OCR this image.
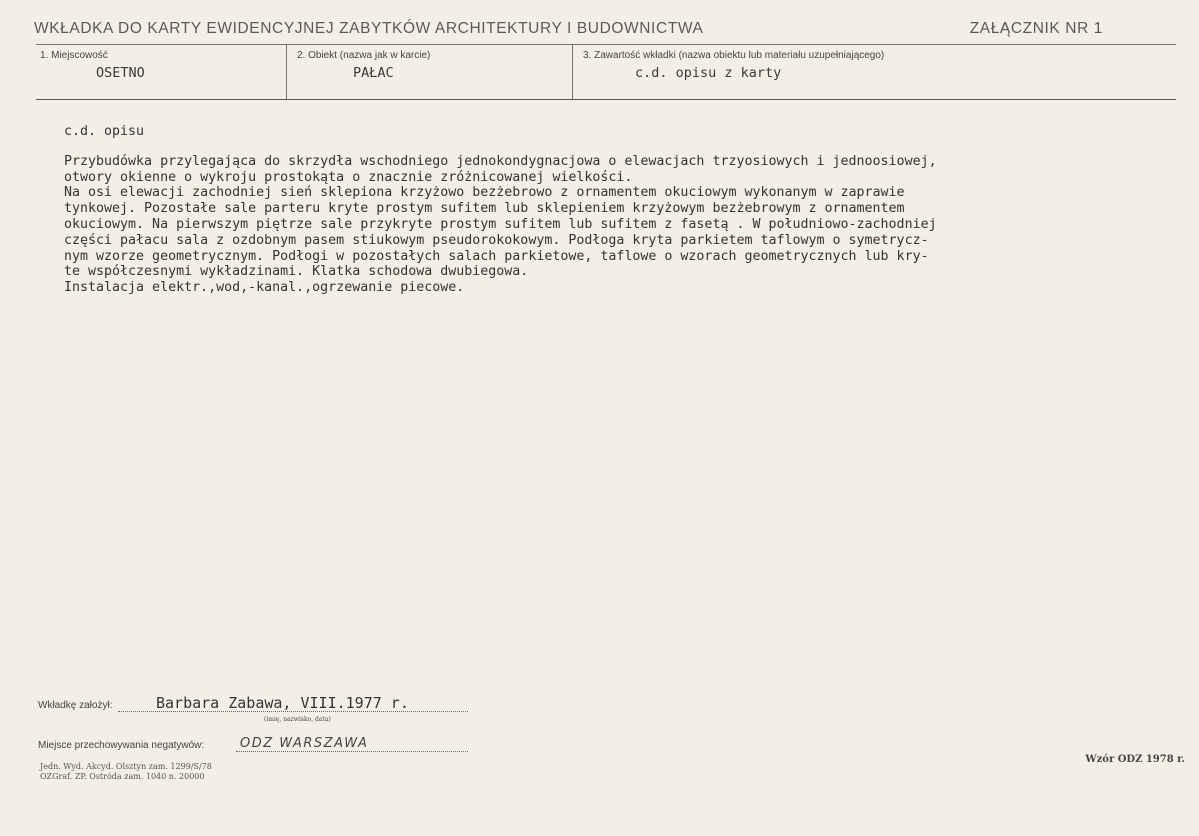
WKŁADKA DO KARTY EWIDENCYJNEJ ZABYTKÓW ARCHITEKTURY I BUDOWNICTWA	ZAŁĄCZNIK NR 1
1. Miejscowość
OSETNO
2. Obiekt (nazwa jak w karcie)
PAŁAC
3. Zawartość wkładki (nazwa obiektu lub materiału uzupełniającego)
c.d. opisu z karty
c.d. opisu
Przybudówka przylegająca do skrzydła wschodniego jednokondygnacjowa o elewacjach trzyosiowych i jednoosiowej,
otwory okienne o wykroju prostokąta o znacznie zróżnicowanej wielkości.
Na osi elewacji zachodniej sień sklepiona krzyżowo bezżebrowo z ornamentem okuciowym wykonanym w zaprawie
tynkowej. Pozostałe sale parteru kryte prostym sufitem lub sklepieniem krzyżowym bezżebrowym z ornamentem
okuciowym. Na pierwszym piętrze sale przykryte prostym sufitem lub sufitem z fasetą . W południowo-zachodniej
części pałacu sala z ozdobnym pasem stiukowym pseudorokokowym. Podłoga kryta parkietem taflowym o symetrycz-
nym wzorze geometrycznym. Podłogi w pozostałych salach parkietowe, taflowe o wzorach geometrycznych lub kry-
te współczesnymi wykładzinami. Klatka schodowa dwubiegowa.
Instalacja elektr.,wod,-kanal.,ogrzewanie piecowe.
Wkładkę założył:	Barbara Zabawa, VIII.1977 r.
(imię, nazwisko, data)
Miejsce przechowywania negatywów:	ODZ WARSZAWA
Jedn. Wyd. Akcyd. Olsztyn zam. 1299/S/78
OZGraf. ZP. Ostróda zam. 1040 n. 20000
Wzór ODZ 1978 r.
